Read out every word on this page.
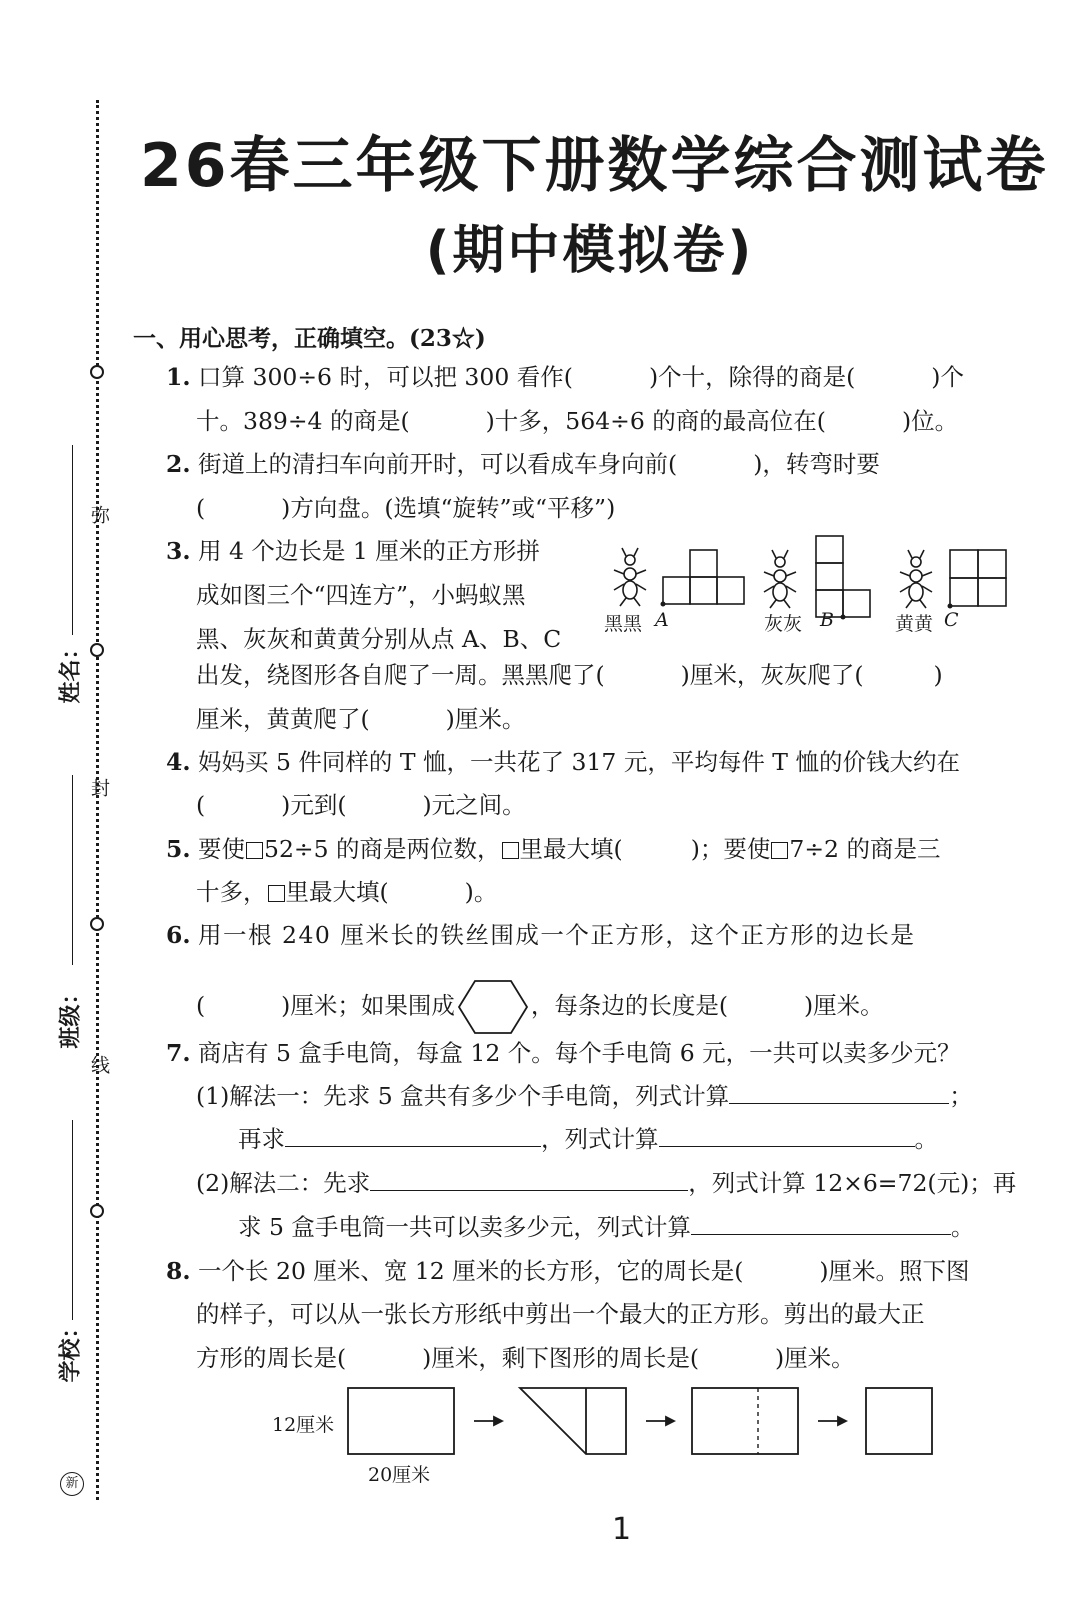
弥
封
线
姓名：
班级：
学校：
新
26春三年级下册数学综合测试卷
(期中模拟卷)
一、用心思考，正确填空。(23☆)
1. 口算 300÷6 时，可以把 300 看作(	)个十，除得的商是(	)个
十。389÷4 的商是(	)十多，564÷6 的商的最高位在(	)位。
2. 街道上的清扫车向前开时，可以看成车身向前(	)，转弯时要
(	)方向盘。(选填“旋转”或“平移”)
3. 用 4 个边长是 1 厘米的正方形拼
成如图三个“四连方”，小蚂蚁黑
黑、灰灰和黄黄分别从点 A、B、C
出发，绕图形各自爬了一周。黑黑爬了(	)厘米，灰灰爬了(	)
厘米，黄黄爬了(	)厘米。
黑黑 A	灰灰 B	黄黄 C
4. 妈妈买 5 件同样的 T 恤，一共花了 317 元，平均每件 T 恤的价钱大约在
(	)元到(	)元之间。
5. 要使 52÷5 的商是两位数， 里最大填(	)；要使 7÷2 的商是三
十多， 里最大填(	)。
6. 用一根 240 厘米长的铁丝围成一个正方形，这个正方形的边长是
(	)厘米；如果围成	，每条边的长度是(	)厘米。
7. 商店有 5 盒手电筒，每盒 12 个。每个手电筒 6 元，一共可以卖多少元？
(1)解法一：先求 5 盒共有多少个手电筒，列式计算	；
再求	，列式计算	。
(2)解法二：先求	，列式计算 12×6=72(元)；再
求 5 盒手电筒一共可以卖多少元，列式计算	。
8. 一个长 20 厘米、宽 12 厘米的长方形，它的周长是(	)厘米。照下图
的样子，可以从一张长方形纸中剪出一个最大的正方形。剪出的最大正
方形的周长是(	)厘米，剩下图形的周长是(	)厘米。
12厘米
20厘米
1
